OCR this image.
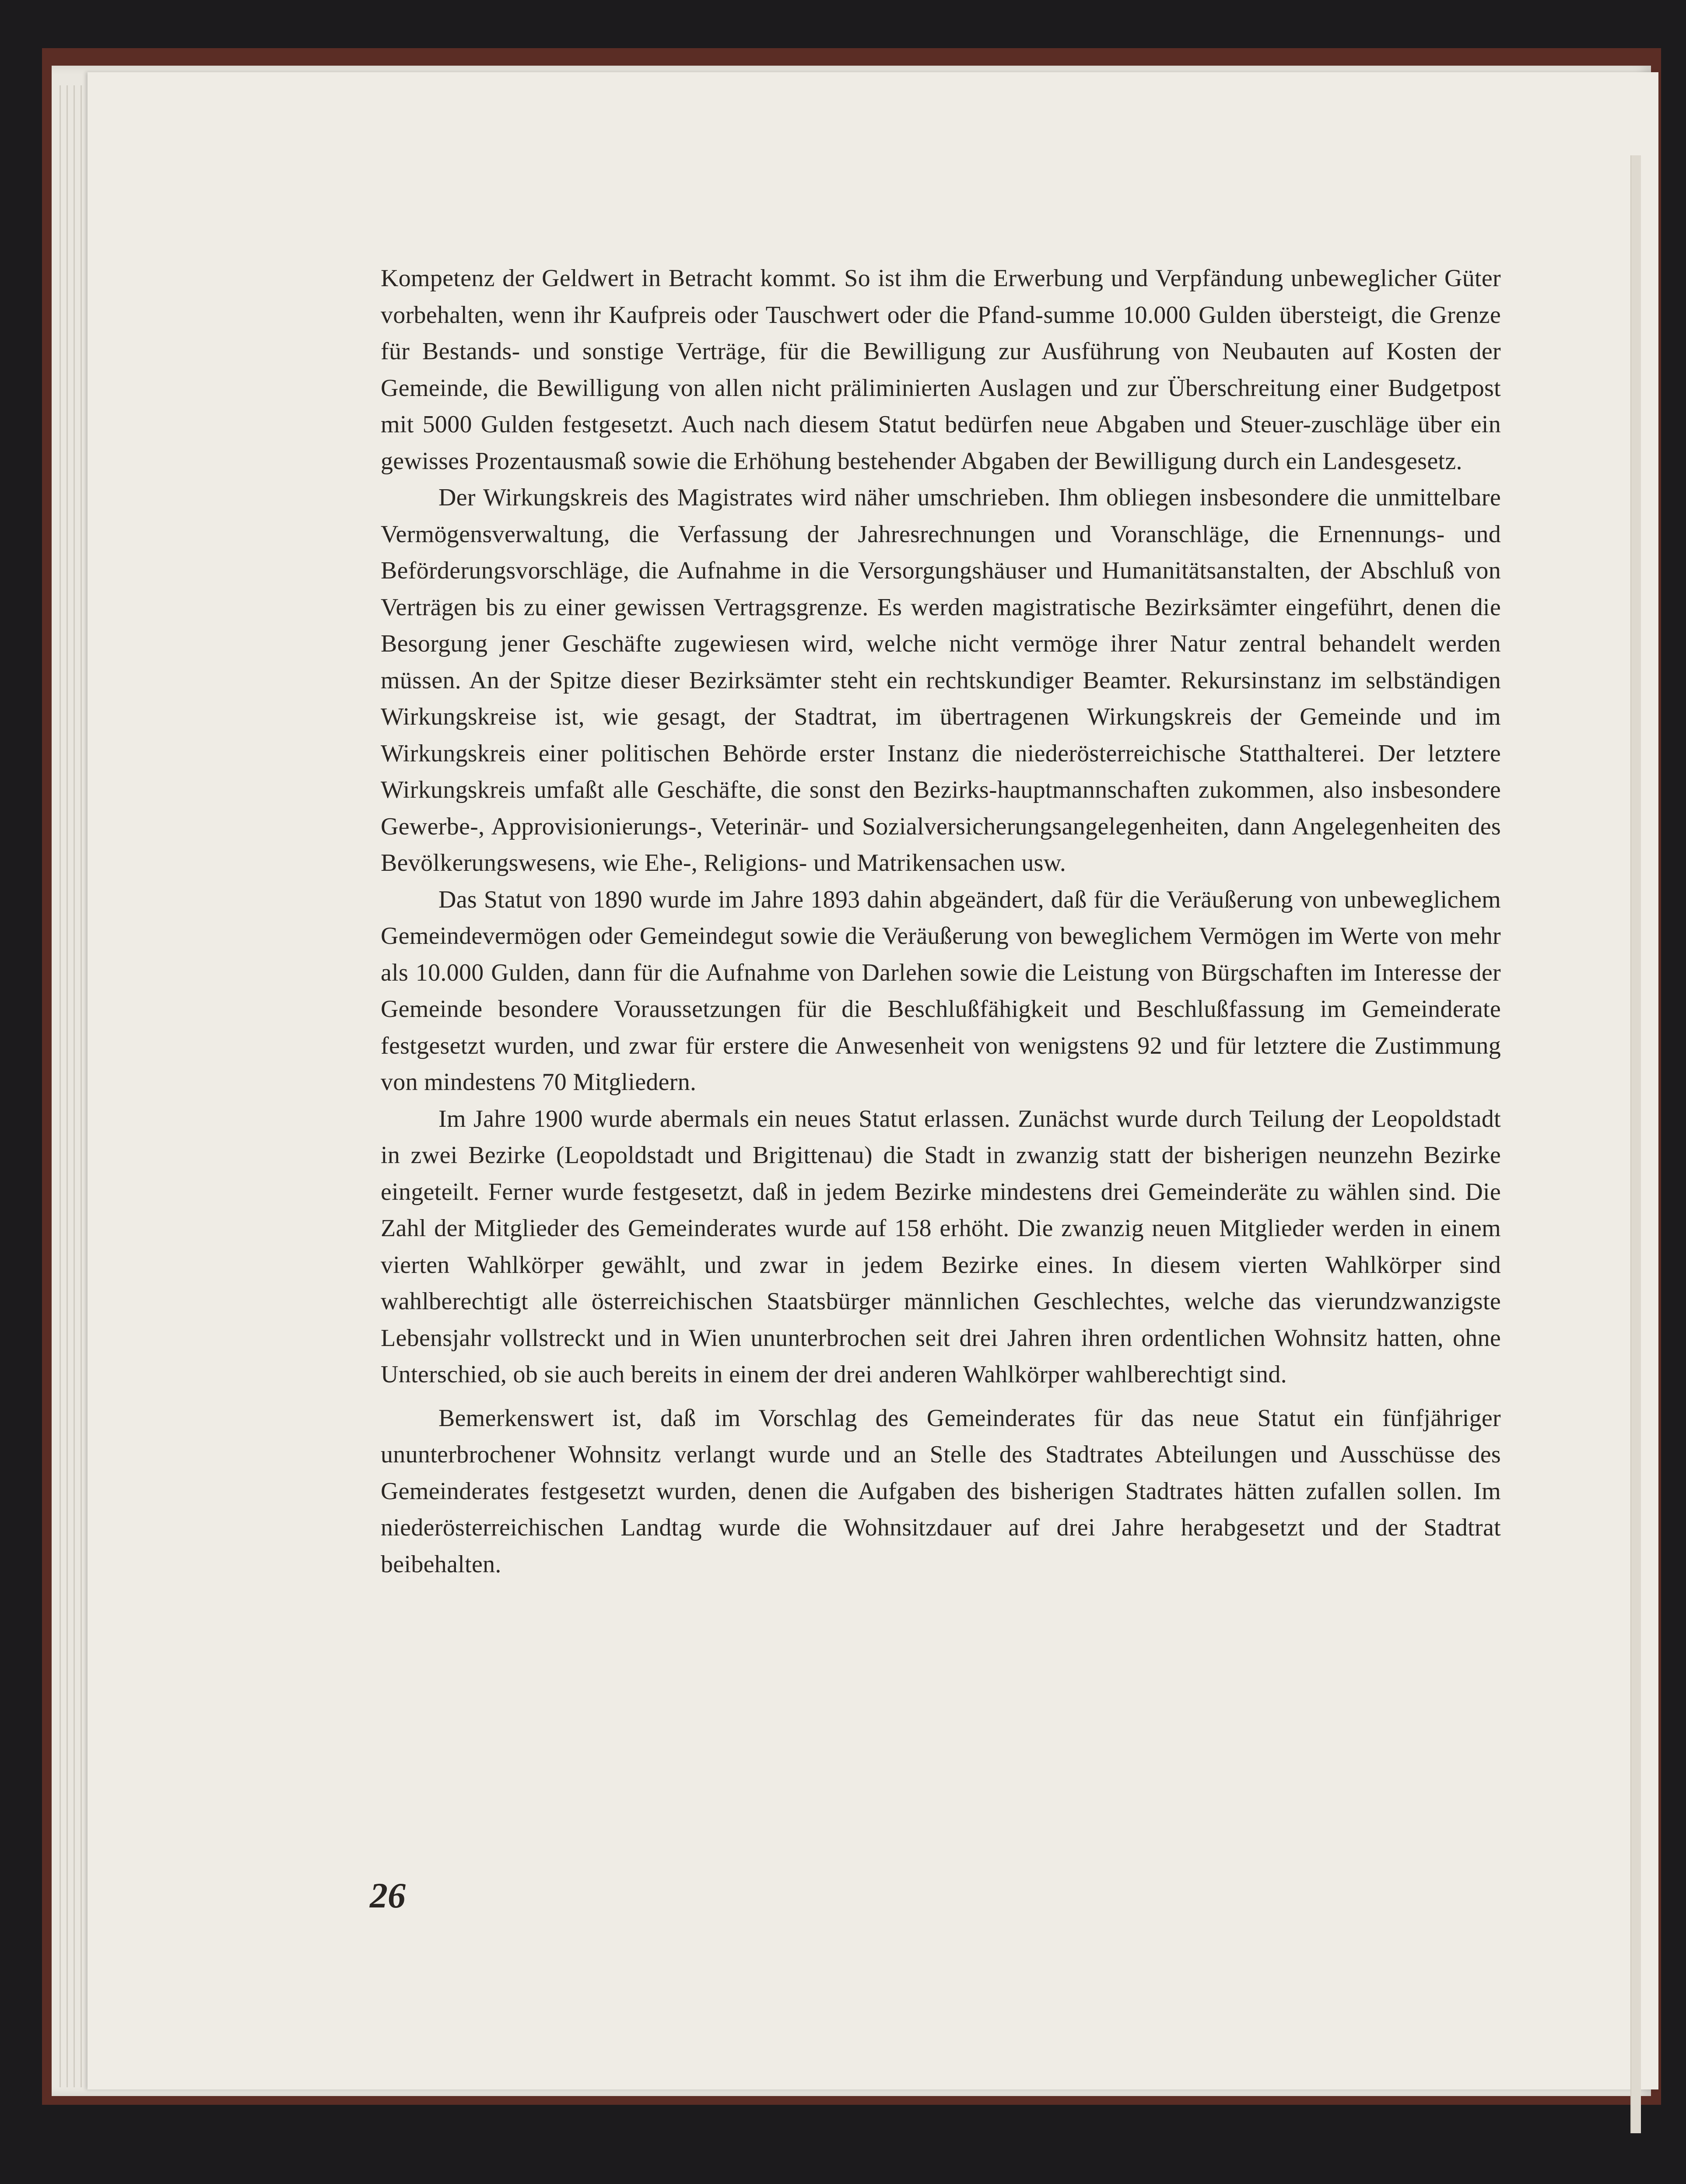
Kompetenz der Geldwert in Betracht kommt. So ist ihm die Erwerbung und Verpfändung unbeweglicher Güter vorbehalten, wenn ihr Kaufpreis oder Tauschwert oder die Pfand-summe 10.000 Gulden übersteigt, die Grenze für Bestands- und sonstige Verträge, für die Bewilligung zur Ausführung von Neubauten auf Kosten der Gemeinde, die Bewilligung von allen nicht präliminierten Auslagen und zur Überschreitung einer Budgetpost mit 5000 Gulden festgesetzt. Auch nach diesem Statut bedürfen neue Abgaben und Steuer-zuschläge über ein gewisses Prozentausmaß sowie die Erhöhung bestehender Abgaben der Bewilligung durch ein Landesgesetz.

Der Wirkungskreis des Magistrates wird näher umschrieben. Ihm obliegen insbesondere die unmittelbare Vermögensverwaltung, die Verfassung der Jahresrechnungen und Voranschläge, die Ernennungs- und Beförderungsvorschläge, die Aufnahme in die Versorgungshäuser und Humanitätsanstalten, der Abschluß von Verträgen bis zu einer gewissen Vertragsgrenze. Es werden magistratische Bezirksämter eingeführt, denen die Besorgung jener Geschäfte zugewiesen wird, welche nicht vermöge ihrer Natur zentral behandelt werden müssen. An der Spitze dieser Bezirksämter steht ein rechtskundiger Beamter. Rekursinstanz im selbständigen Wirkungskreise ist, wie gesagt, der Stadtrat, im übertragenen Wirkungskreis der Gemeinde und im Wirkungskreis einer politischen Behörde erster Instanz die niederösterreichische Statthalterei. Der letztere Wirkungskreis umfaßt alle Geschäfte, die sonst den Bezirks-hauptmannschaften zukommen, also insbesondere Gewerbe-, Approvisionierungs-, Veterinär- und Sozialversicherungsangelegenheiten, dann Angelegenheiten des Bevölkerungswesens, wie Ehe-, Religions- und Matrikensachen usw.

Das Statut von 1890 wurde im Jahre 1893 dahin abgeändert, daß für die Veräußerung von unbeweglichem Gemeindevermögen oder Gemeindegut sowie die Veräußerung von beweglichem Vermögen im Werte von mehr als 10.000 Gulden, dann für die Aufnahme von Darlehen sowie die Leistung von Bürgschaften im Interesse der Gemeinde besondere Voraussetzungen für die Beschlußfähigkeit und Beschlußfassung im Gemeinderate festgesetzt wurden, und zwar für erstere die Anwesenheit von wenigstens 92 und für letztere die Zustimmung von mindestens 70 Mitgliedern.

Im Jahre 1900 wurde abermals ein neues Statut erlassen. Zunächst wurde durch Teilung der Leopoldstadt in zwei Bezirke (Leopoldstadt und Brigittenau) die Stadt in zwanzig statt der bisherigen neunzehn Bezirke eingeteilt. Ferner wurde festgesetzt, daß in jedem Bezirke mindestens drei Gemeinderäte zu wählen sind. Die Zahl der Mitglieder des Gemeinderates wurde auf 158 erhöht. Die zwanzig neuen Mitglieder werden in einem vierten Wahlkörper gewählt, und zwar in jedem Bezirke eines. In diesem vierten Wahlkörper sind wahlberechtigt alle österreichischen Staatsbürger männlichen Geschlechtes, welche das vierundzwanzigste Lebensjahr vollstreckt und in Wien ununterbrochen seit drei Jahren ihren ordentlichen Wohnsitz hatten, ohne Unterschied, ob sie auch bereits in einem der drei anderen Wahlkörper wahlberechtigt sind.

Bemerkenswert ist, daß im Vorschlag des Gemeinderates für das neue Statut ein fünfjähriger ununterbrochener Wohnsitz verlangt wurde und an Stelle des Stadtrates Abteilungen und Ausschüsse des Gemeinderates festgesetzt wurden, denen die Aufgaben des bisherigen Stadtrates hätten zufallen sollen. Im niederösterreichischen Landtag wurde die Wohnsitzdauer auf drei Jahre herabgesetzt und der Stadtrat beibehalten.

26
